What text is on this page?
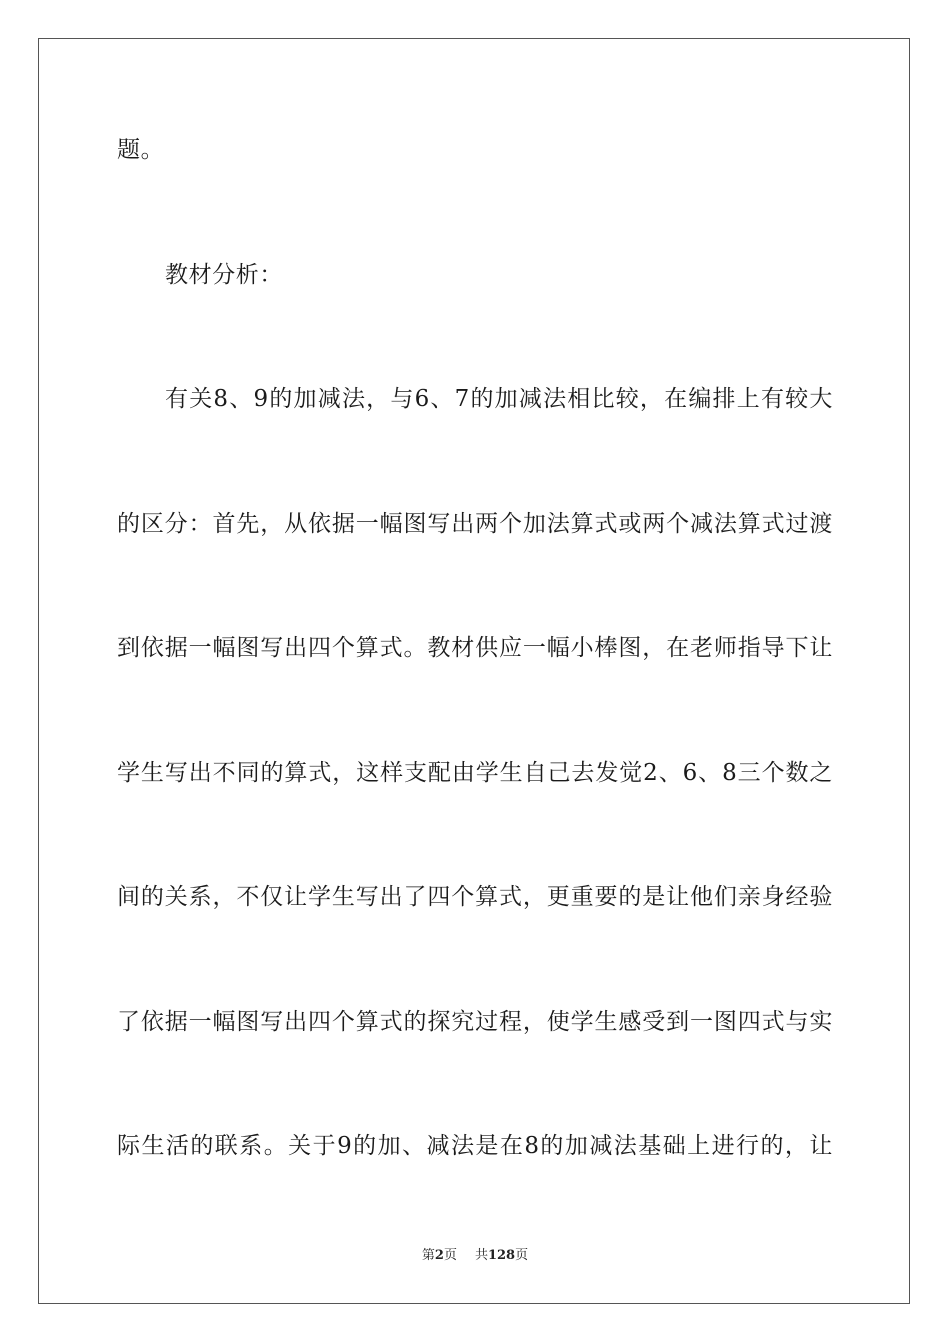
题。
教材分析：
有关8、9的加减法，与6、7的加减法相比较，在编排上有较大
的区分：首先，从依据一幅图写出两个加法算式或两个减法算式过渡
到依据一幅图写出四个算式。教材供应一幅小棒图，在老师指导下让
学生写出不同的算式，这样支配由学生自己去发觉2、6、8三个数之
间的关系，不仅让学生写出了四个算式，更重要的是让他们亲身经验
了依据一幅图写出四个算式的探究过程，使学生感受到一图四式与实
际生活的联系。关于9的加、减法是在8的加减法基础上进行的，让
第2页 共128页
